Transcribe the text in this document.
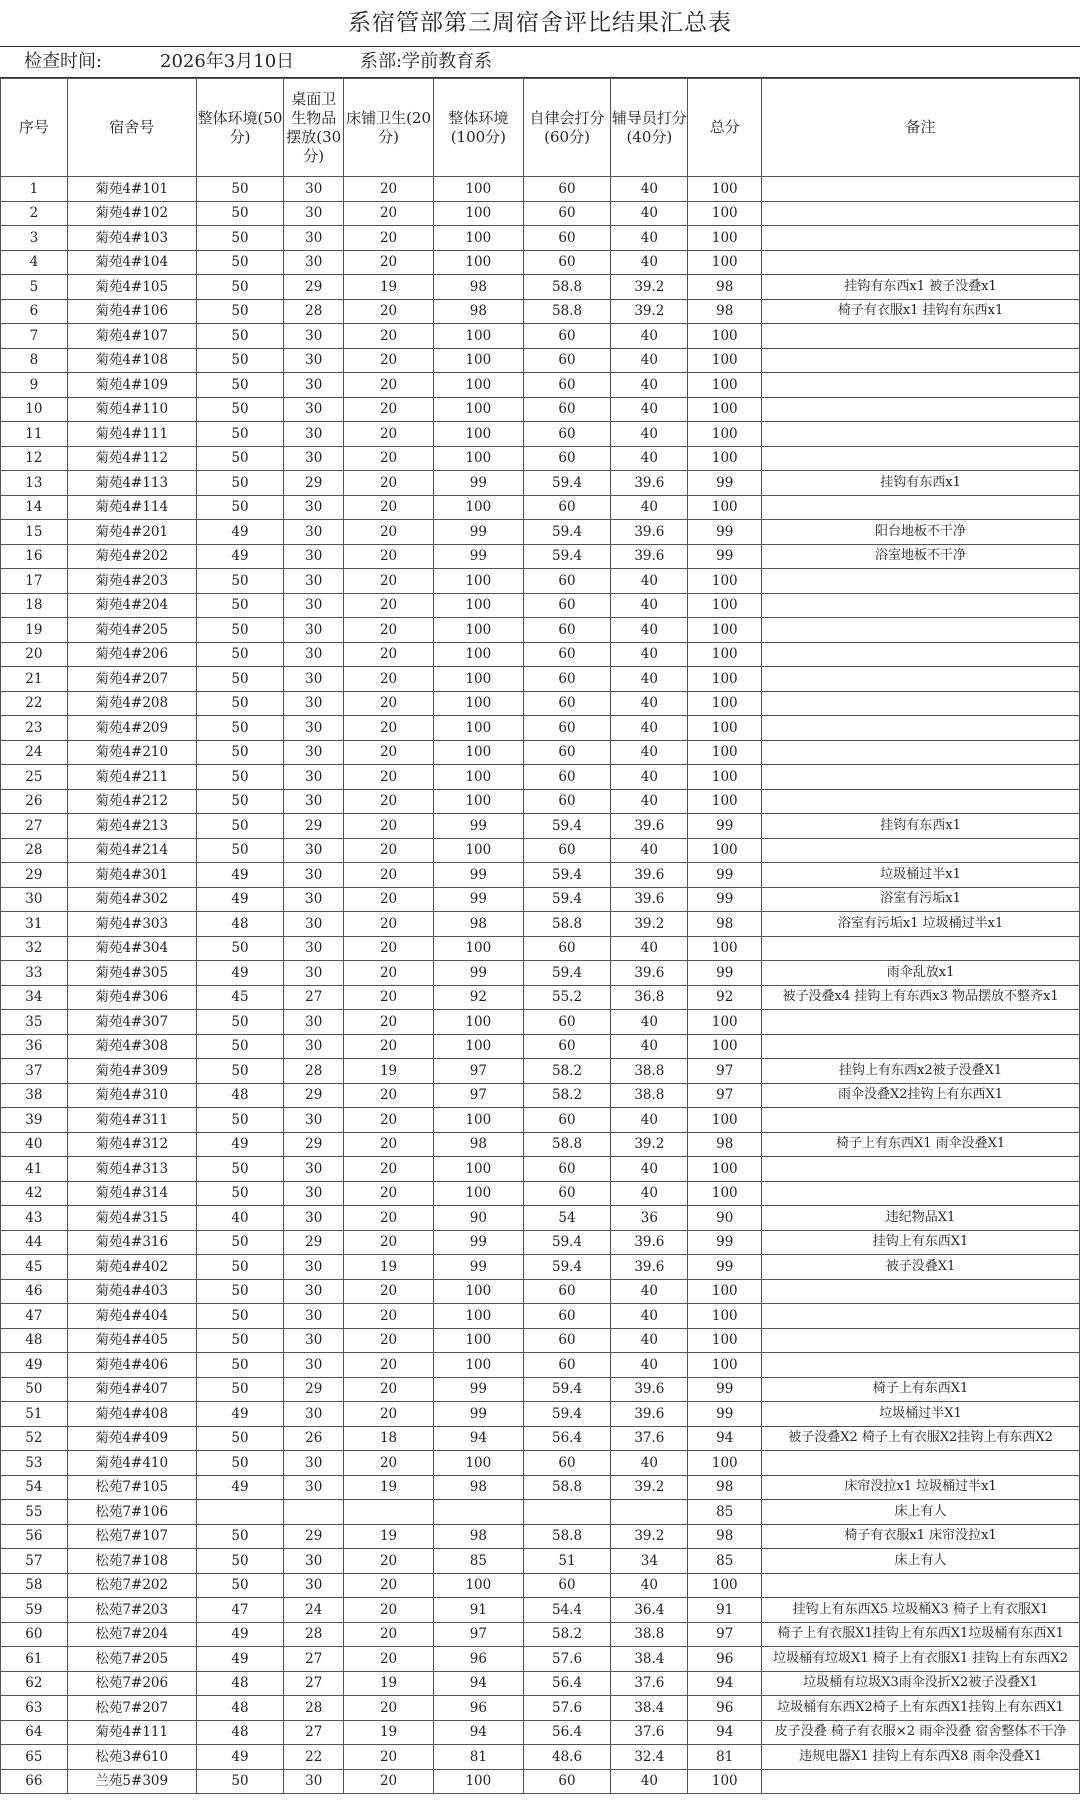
系宿管部第三周宿舍评比结果汇总表
检查时间:	2026年3月10日	系部:学前教育系
序号	宿舍号	整体环境(50分)	桌面卫生物品摆放(30分)	床铺卫生(20分)	整体环境(100分)	自律会打分(60分)	辅导员打分(40分)	总分	备注
1	菊苑4#101	50	30	20	100	60	40	100	
2	菊苑4#102	50	30	20	100	60	40	100	
3	菊苑4#103	50	30	20	100	60	40	100	
4	菊苑4#104	50	30	20	100	60	40	100	
5	菊苑4#105	50	29	19	98	58.8	39.2	98	挂钩有东西x1 被子没叠x1
6	菊苑4#106	50	28	20	98	58.8	39.2	98	椅子有衣服x1 挂钩有东西x1
7	菊苑4#107	50	30	20	100	60	40	100	
8	菊苑4#108	50	30	20	100	60	40	100	
9	菊苑4#109	50	30	20	100	60	40	100	
10	菊苑4#110	50	30	20	100	60	40	100	
11	菊苑4#111	50	30	20	100	60	40	100	
12	菊苑4#112	50	30	20	100	60	40	100	
13	菊苑4#113	50	29	20	99	59.4	39.6	99	挂钩有东西x1
14	菊苑4#114	50	30	20	100	60	40	100	
15	菊苑4#201	49	30	20	99	59.4	39.6	99	阳台地板不干净
16	菊苑4#202	49	30	20	99	59.4	39.6	99	浴室地板不干净
17	菊苑4#203	50	30	20	100	60	40	100	
18	菊苑4#204	50	30	20	100	60	40	100	
19	菊苑4#205	50	30	20	100	60	40	100	
20	菊苑4#206	50	30	20	100	60	40	100	
21	菊苑4#207	50	30	20	100	60	40	100	
22	菊苑4#208	50	30	20	100	60	40	100	
23	菊苑4#209	50	30	20	100	60	40	100	
24	菊苑4#210	50	30	20	100	60	40	100	
25	菊苑4#211	50	30	20	100	60	40	100	
26	菊苑4#212	50	30	20	100	60	40	100	
27	菊苑4#213	50	29	20	99	59.4	39.6	99	挂钩有东西x1
28	菊苑4#214	50	30	20	100	60	40	100	
29	菊苑4#301	49	30	20	99	59.4	39.6	99	垃圾桶过半x1
30	菊苑4#302	49	30	20	99	59.4	39.6	99	浴室有污垢x1
31	菊苑4#303	48	30	20	98	58.8	39.2	98	浴室有污垢x1 垃圾桶过半x1
32	菊苑4#304	50	30	20	100	60	40	100	
33	菊苑4#305	49	30	20	99	59.4	39.6	99	雨伞乱放x1
34	菊苑4#306	45	27	20	92	55.2	36.8	92	被子没叠x4 挂钩上有东西x3 物品摆放不整齐x1
35	菊苑4#307	50	30	20	100	60	40	100	
36	菊苑4#308	50	30	20	100	60	40	100	
37	菊苑4#309	50	28	19	97	58.2	38.8	97	挂钩上有东西x2被子没叠X1
38	菊苑4#310	48	29	20	97	58.2	38.8	97	雨伞没叠X2挂钩上有东西X1
39	菊苑4#311	50	30	20	100	60	40	100	
40	菊苑4#312	49	29	20	98	58.8	39.2	98	椅子上有东西X1 雨伞没叠X1
41	菊苑4#313	50	30	20	100	60	40	100	
42	菊苑4#314	50	30	20	100	60	40	100	
43	菊苑4#315	40	30	20	90	54	36	90	违纪物品X1
44	菊苑4#316	50	29	20	99	59.4	39.6	99	挂钩上有东西X1
45	菊苑4#402	50	30	19	99	59.4	39.6	99	被子没叠X1
46	菊苑4#403	50	30	20	100	60	40	100	
47	菊苑4#404	50	30	20	100	60	40	100	
48	菊苑4#405	50	30	20	100	60	40	100	
49	菊苑4#406	50	30	20	100	60	40	100	
50	菊苑4#407	50	29	20	99	59.4	39.6	99	椅子上有东西X1
51	菊苑4#408	49	30	20	99	59.4	39.6	99	垃圾桶过半X1
52	菊苑4#409	50	26	18	94	56.4	37.6	94	被子没叠X2 椅子上有衣服X2挂钩上有东西X2
53	菊苑4#410	50	30	20	100	60	40	100	
54	松苑7#105	49	30	19	98	58.8	39.2	98	床帘没拉x1 垃圾桶过半x1
55	松苑7#106							85	床上有人
56	松苑7#107	50	29	19	98	58.8	39.2	98	椅子有衣服x1 床帘没拉x1
57	松苑7#108	50	30	20	85	51	34	85	床上有人
58	松苑7#202	50	30	20	100	60	40	100	
59	松苑7#203	47	24	20	91	54.4	36.4	91	挂钩上有东西X5 垃圾桶X3 椅子上有衣服X1
60	松苑7#204	49	28	20	97	58.2	38.8	97	椅子上有衣服X1挂钩上有东西X1垃圾桶有东西X1
61	松苑7#205	49	27	20	96	57.6	38.4	96	垃圾桶有垃圾X1 椅子上有衣服X1 挂钩上有东西X2
62	松苑7#206	48	27	19	94	56.4	37.6	94	垃圾桶有垃圾X3雨伞没折X2被子没叠X1
63	松苑7#207	48	28	20	96	57.6	38.4	96	垃圾桶有东西X2椅子上有东西X1挂钩上有东西X1
64	菊苑4#111	48	27	19	94	56.4	37.6	94	皮子没叠 椅子有衣服×2 雨伞没叠 宿舍整体不干净
65	松苑3#610	49	22	20	81	48.6	32.4	81	违规电器X1 挂钩上有东西X8 雨伞没叠X1
66	兰苑5#309	50	30	20	100	60	40	100	
